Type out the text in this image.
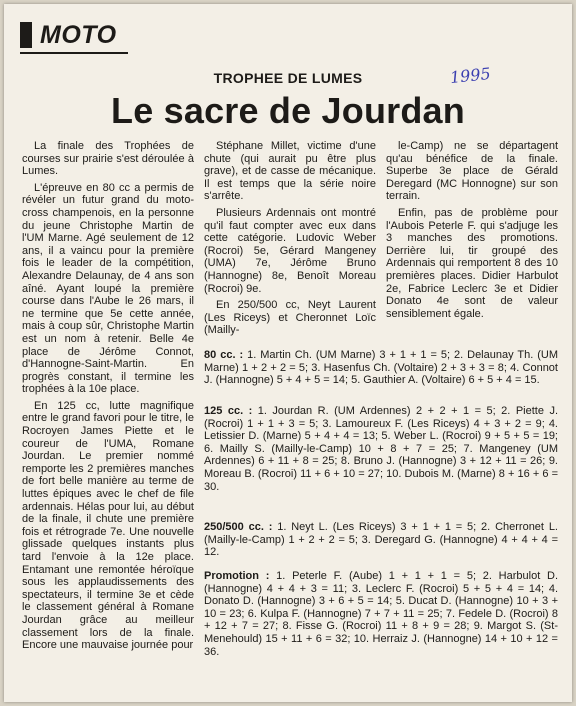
MOTO
TROPHEE DE LUMES	1995
Le sacre de Jourdan

La finale des Trophées de courses sur prairie s'est déroulée à Lumes.

L'épreuve en 80 cc a permis de révéler un futur grand du moto-cross champenois, en la personne du jeune Christophe Martin de l'UM Marne. Agé seulement de 12 ans, il a vaincu pour la première fois le leader de la compétition, Alexandre Delaunay, de 4 ans son aîné. Ayant loupé la première course dans l'Aube le 26 mars, il ne termine que 5e cette année, mais à coup sûr, Christophe Martin est un nom à retenir. Belle 4e place de Jérôme Connot, d'Hannogne-Saint-Martin. En progrès constant, il termine les trophées à la 10e place.

En 125 cc, lutte magnifique entre le grand favori pour le titre, le Rocroyen James Piette et le coureur de l'UMA, Romane Jourdan. Le premier nommé remporte les 2 premières manches de fort belle manière au terme de luttes épiques avec le chef de file ardennais. Hélas pour lui, au début de la finale, il chute une première fois et rétrograde 7e. Une nouvelle glissade quelques instants plus tard l'envoie à la 12e place. Entamant une remontée héroïque sous les applaudissements des spectateurs, il termine 3e et cède le classement général à Romane Jourdan grâce au meilleur classement lors de la finale. Encore une mauvaise journée pour

Stéphane Millet, victime d'une chute (qui aurait pu être plus grave), et de casse de mécanique. Il est temps que la série noire s'arrête.

Plusieurs Ardennais ont montré qu'il faut compter avec eux dans cette catégorie. Ludovic Weber (Rocroi) 5e, Gérard Mangeney (UMA) 7e, Jérôme Bruno (Hannogne) 8e, Benoît Moreau (Rocroi) 9e.

En 250/500 cc, Neyt Laurent (Les Riceys) et Cheronnet Loïc (Mailly-

le-Camp) ne se départagent qu'au bénéfice de la finale. Superbe 3e place de Gérald Deregard (MC Honnogne) sur son terrain.

Enfin, pas de problème pour l'Aubois Peterle F. qui s'adjuge les 3 manches des promotions. Derrière lui, tir groupé des Ardennais qui remportent 8 des 10 premières places. Didier Harbulot 2e, Fabrice Leclerc 3e et Didier Donato 4e sont de valeur sensiblement égale.

80 cc. : 1. Martin Ch. (UM Marne) 3 + 1 + 1 = 5; 2. Delaunay Th. (UM Marne) 1 + 2 + 2 = 5; 3. Hasenfus Ch. (Voltaire) 2 + 3 + 3 = 8; 4. Connot J. (Hannogne) 5 + 4 + 5 = 14; 5. Gauthier A. (Voltaire) 6 + 5 + 4 = 15.
125 cc. : 1. Jourdan R. (UM Ardennes) 2 + 2 + 1 = 5; 2. Piette J. (Rocroi) 1 + 1 + 3 = 5; 3. Lamoureux F. (Les Riceys) 4 + 3 + 2 = 9; 4. Letissier D. (Marne) 5 + 4 + 4 = 13; 5. Weber L. (Rocroi) 9 + 5 + 5 = 19; 6. Mailly S. (Mailly-le-Camp) 10 + 8 + 7 = 25; 7. Mangeney (UM Ardennes) 6 + 11 + 8 = 25; 8. Bruno J. (Hannogne) 3 + 12 + 11 = 26; 9. Moreau B. (Rocroi) 11 + 6 + 10 = 27; 10. Dubois M. (Marne) 8 + 16 + 6 = 30.
250/500 cc. : 1. Neyt L. (Les Riceys) 3 + 1 + 1 = 5; 2. Cherronet L. (Mailly-le-Camp) 1 + 2 + 2 = 5; 3. Deregard G. (Hannogne) 4 + 4 + 4 = 12.
Promotion : 1. Peterle F. (Aube) 1 + 1 + 1 = 5; 2. Harbulot D. (Hannogne) 4 + 4 + 3 = 11; 3. Leclerc F. (Rocroi) 5 + 5 + 4 = 14; 4. Donato D. (Hannogne) 3 + 6 + 5 = 14; 5. Ducat D. (Hannogne) 10 + 3 + 10 = 23; 6. Kulpa F. (Hannogne) 7 + 7 + 11 = 25; 7. Fedele D. (Rocroi) 8 + 12 + 7 = 27; 8. Fisse G. (Rocroi) 11 + 8 + 9 = 28; 9. Margot S. (St-Menehould) 15 + 11 + 6 = 32; 10. Herraiz J. (Hannogne) 14 + 10 + 12 = 36.
